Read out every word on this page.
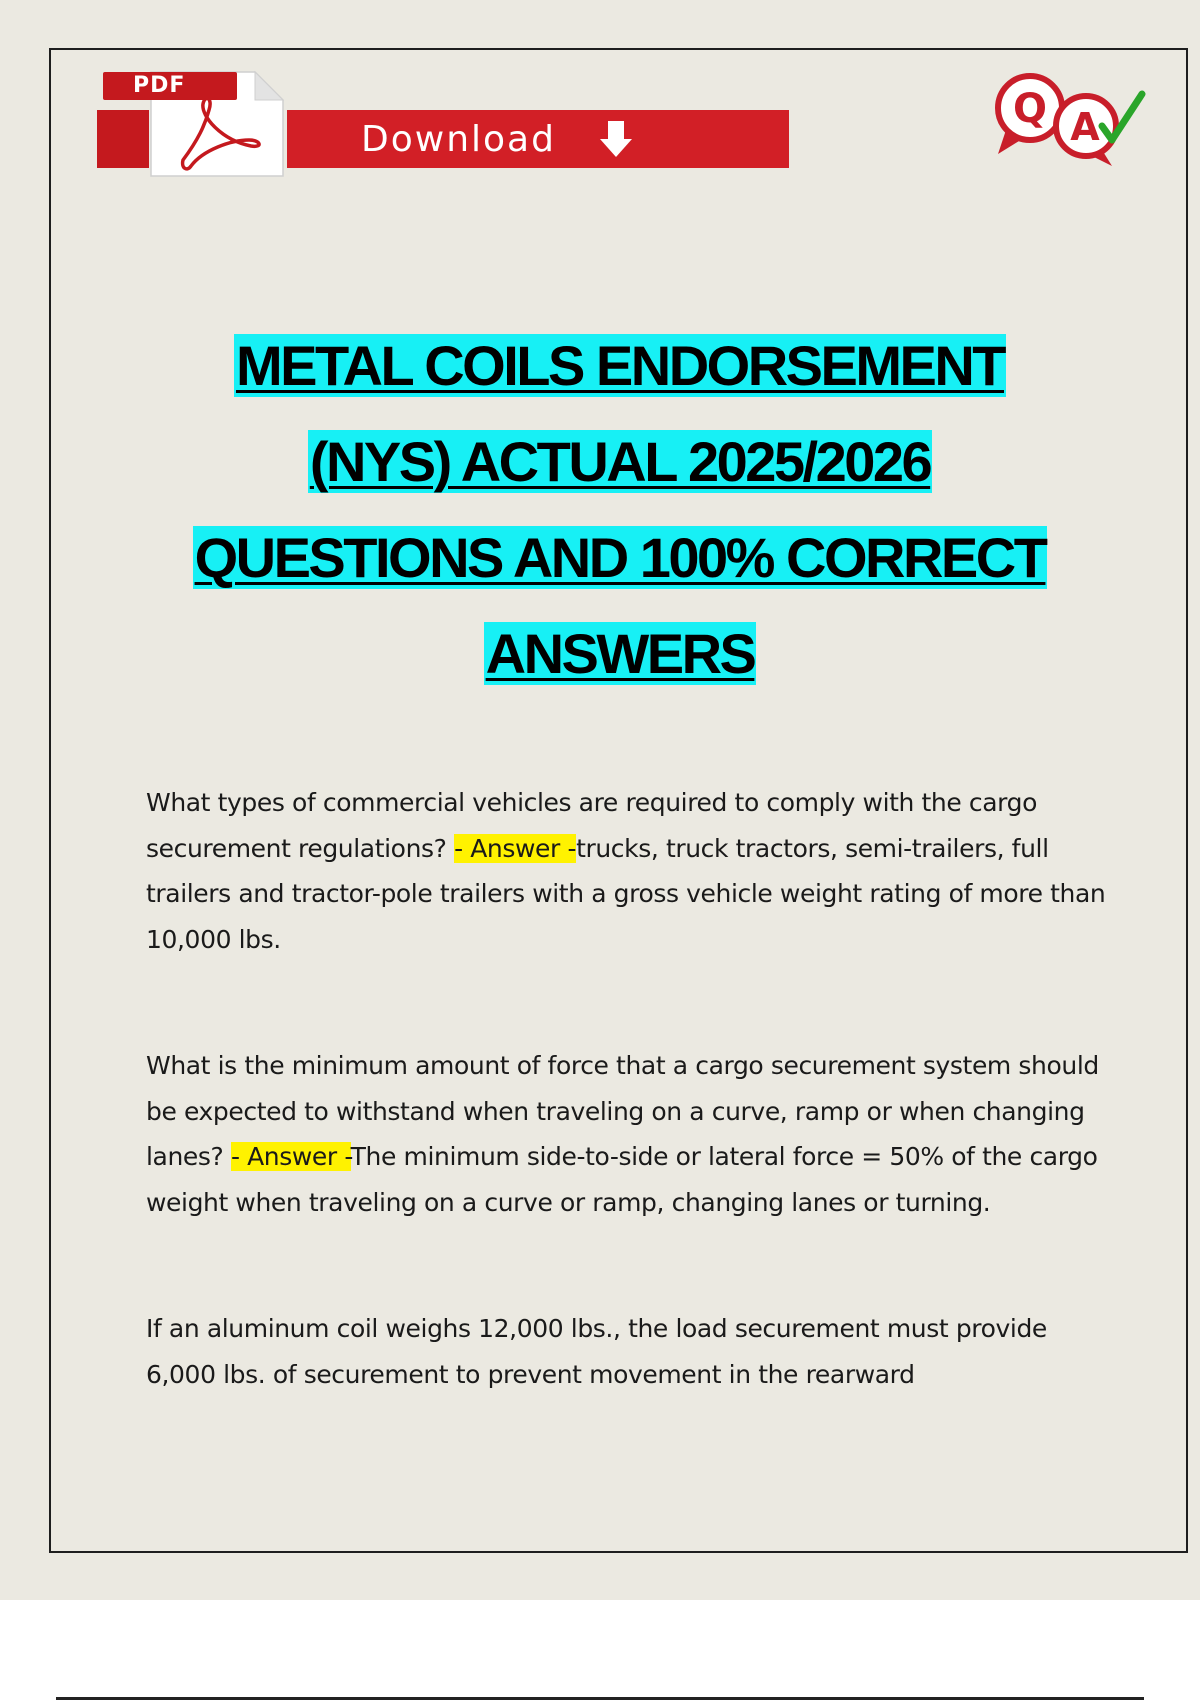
PDF
Download
Q A
METAL COILS ENDORSEMENT
(NYS) ACTUAL 2025/2026
QUESTIONS AND 100% CORRECT
ANSWERS

What types of commercial vehicles are required to comply with the cargo securement regulations? - Answer -trucks, truck tractors, semi-trailers, full trailers and tractor-pole trailers with a gross vehicle weight rating of more than 10,000 lbs.

What is the minimum amount of force that a cargo securement system should be expected to withstand when traveling on a curve, ramp or when changing lanes? - Answer -The minimum side-to-side or lateral force = 50% of the cargo weight when traveling on a curve or ramp, changing lanes or turning.

If an aluminum coil weighs 12,000 lbs., the load securement must provide 6,000 lbs. of securement to prevent movement in the rearward
